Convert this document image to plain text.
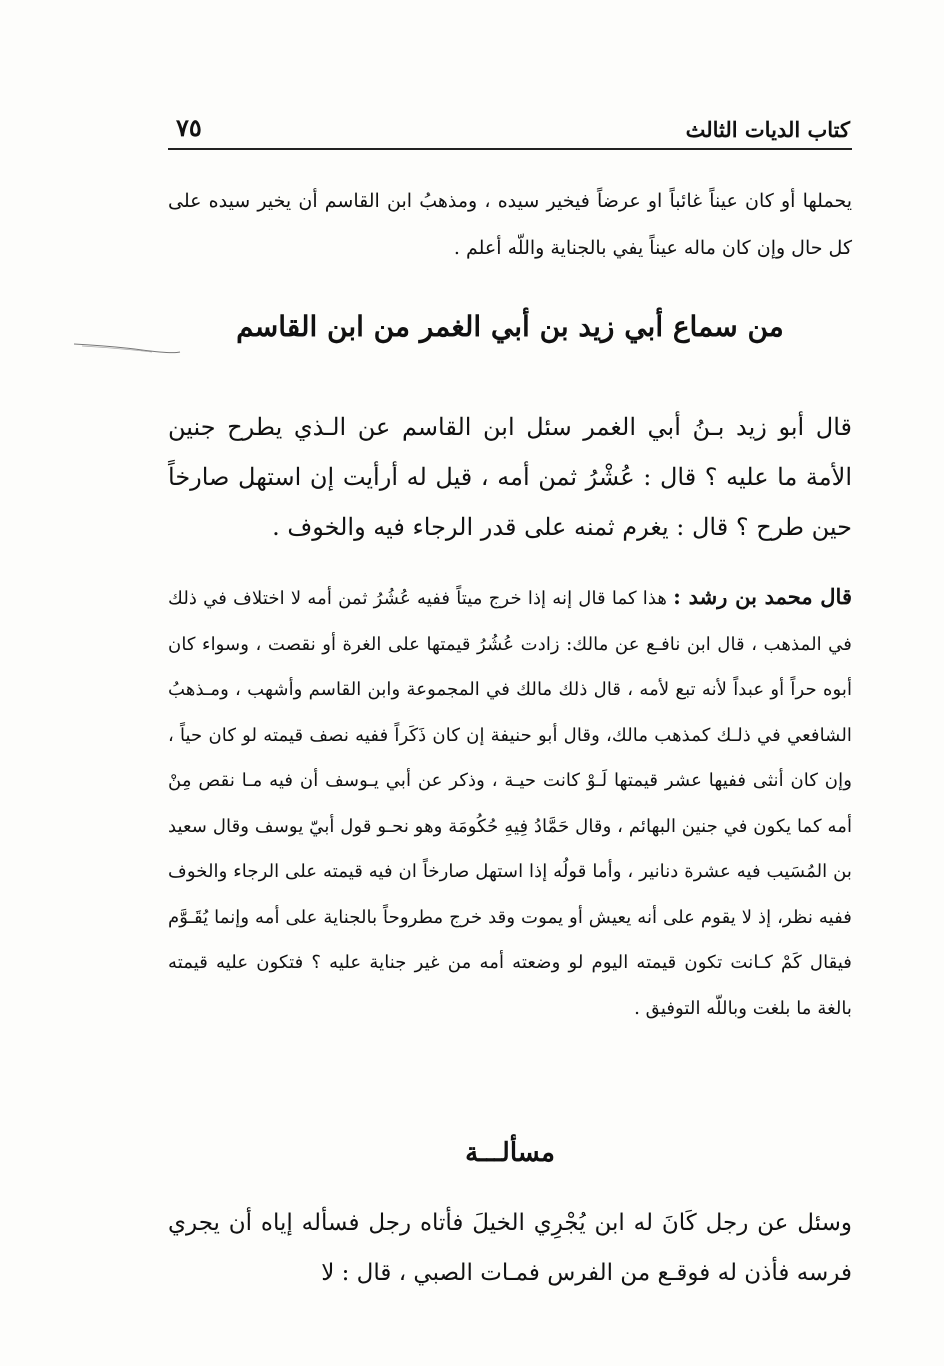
٧٥	كتاب الديات الثالث

يحملها أو كان عيناً غائباً او عرضاً فيخير سيده ، ومذهبُ ابن القاسم أن يخير سيده على كل حال وإن كان ماله عيناً يفي بالجناية واللّه أعلم .

من سماع أبي زيد بن أبي الغمر من ابن القاسم

قال أبو زيد بـنُ أبي الغمر سئل ابن القاسم عن الـذي يطرح جنين الأمة ما عليه ؟ قال : عُشْرُ ثمن أمه ، قيل له أرأيت إن استهل صارخاً حين طرح ؟ قال : يغرم ثمنه على قدر الرجاء فيه والخوف .

قال محمد بن رشد : هذا كما قال إنه إذا خرج ميتاً ففيه عُشُرُ ثمن أمه لا اختلاف في ذلك في المذهب ، قال ابن نافـع عن مالك: زادت عُشُرُ قيمتها على الغرة أو نقصت ، وسواء كان أبوه حراً أو عبداً لأنه تبع لأمه ، قال ذلك مالك في المجموعة وابن القاسم وأشهب ، ومـذهبُ الشافعي في ذلـك كمذهب مالك، وقال أبو حنيفة إن كان ذَكَراً ففيه نصف قيمته لو كان حياً ، وإن كان أنثى ففيها عشر قيمتها لَـوْ كانت حيـة ، وذكر عن أبي يـوسف أن فيه مـا نقص مِنْ أمه كما يكون في جنين البهائم ، وقال حَمَّادُ فِيهِ حُكُومَة وهو نحـو قول أبيّ يوسف وقال سعيد بن المُسَيب فيه عشرة دنانير ، وأما قولُه إذا استهل صارخاً ان فيه قيمته على الرجاء والخوف ففيه نظر، إذ لا يقوم على أنه يعيش أو يموت وقد خرج مطروحاً بالجناية على أمه وإنما يُقَـوَّم فيقال كَمْ كـانت تكون قيمته اليوم لو وضعته أمه من غير جناية عليه ؟ فتكون عليه قيمته بالغة ما بلغت وباللّه التوفيق .

مسألـــة

وسئل عن رجل كَانَ له ابن يُجْرِي الخيلَ فأتاه رجل فسأله إياه أن يجري فرسه فأذن له فوقـع من الفرس فمـات الصبي ، قال : لا
